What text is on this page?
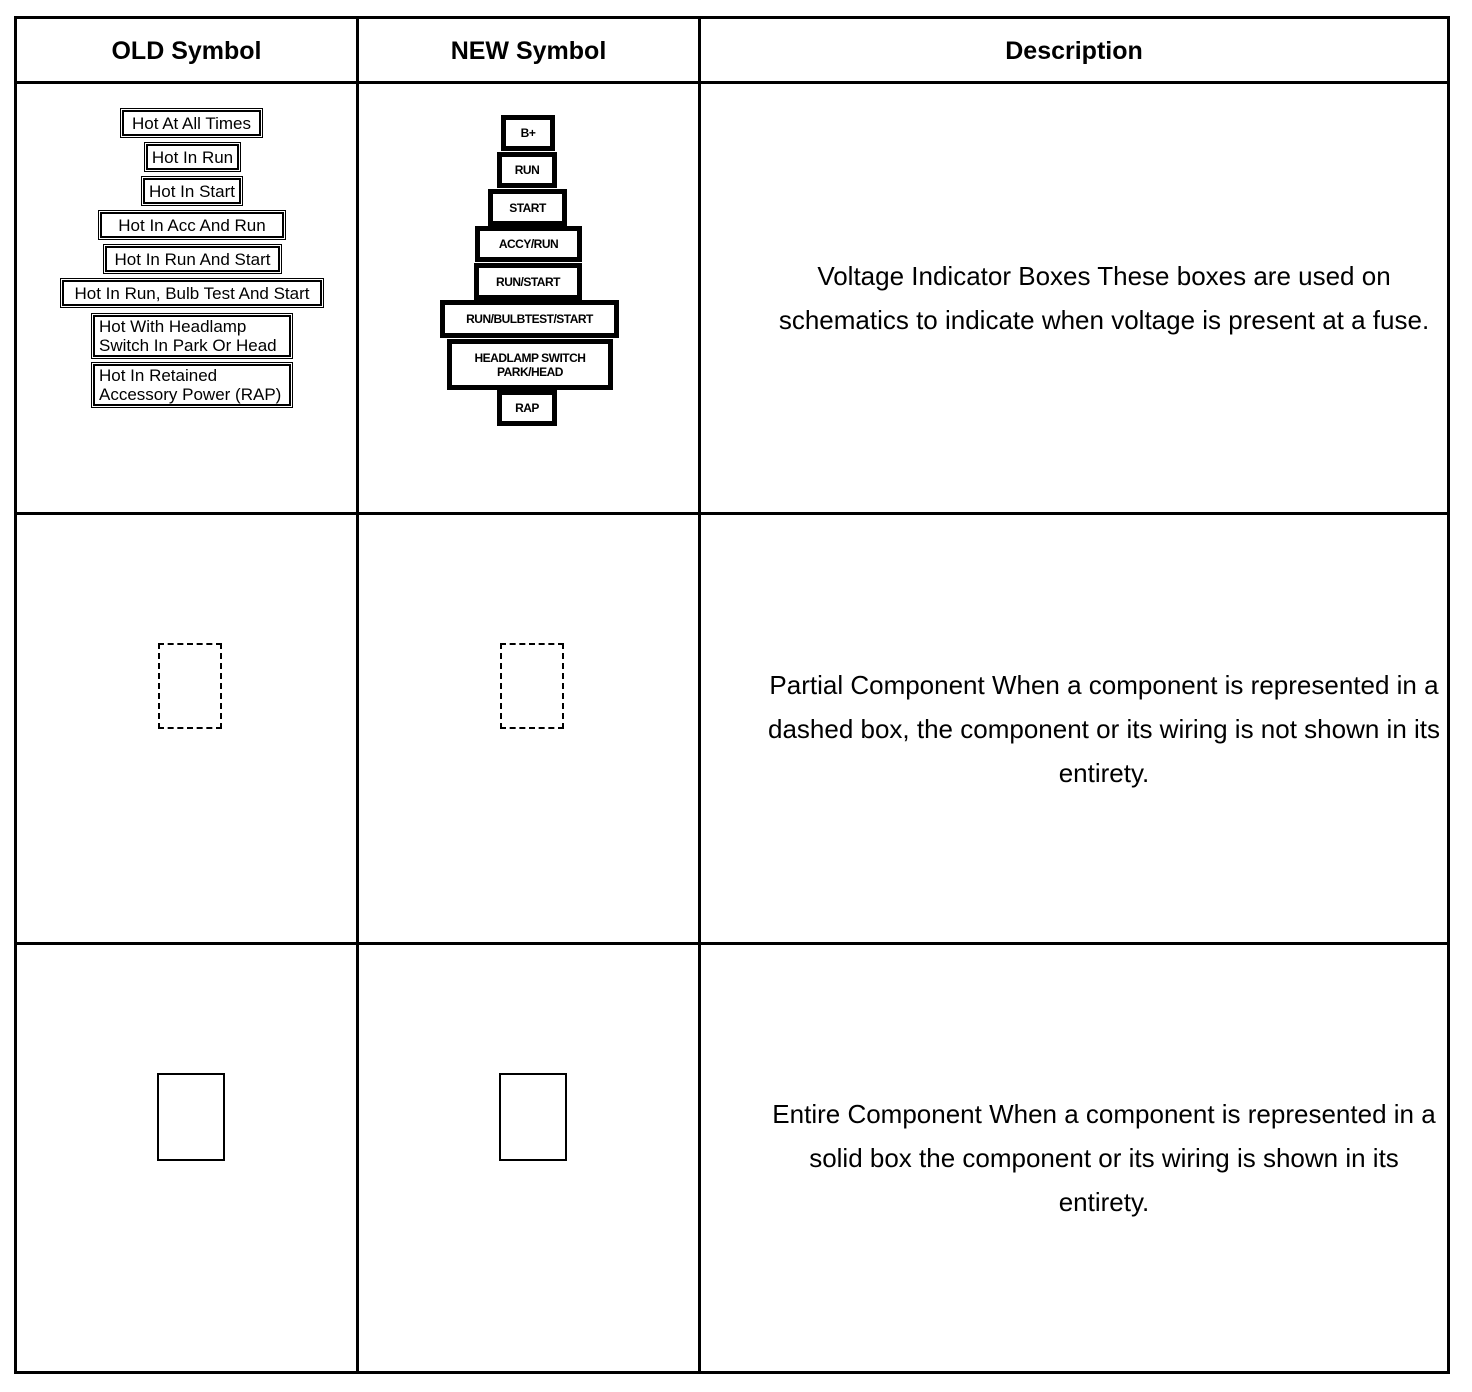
OLD Symbol	NEW Symbol	Description
Hot At All Times
Hot In Run
Hot In Start
Hot In Acc And Run
Hot In Run And Start
Hot In Run, Bulb Test And Start
Hot With Headlamp
Switch In Park Or Head
Hot In Retained
Accessory Power (RAP)
B+
RUN
START
ACCY/RUN
RUN/START
RUN/BULBTEST/START
HEADLAMP SWITCH
PARK/HEAD
RAP
Voltage Indicator Boxes These boxes are used on schematics to indicate when voltage is present at a fuse.
Partial Component When a component is represented in a dashed box, the component or its wiring is not shown in its entirety.
Entire Component When a component is represented in a solid box the component or its wiring is shown in its entirety.
